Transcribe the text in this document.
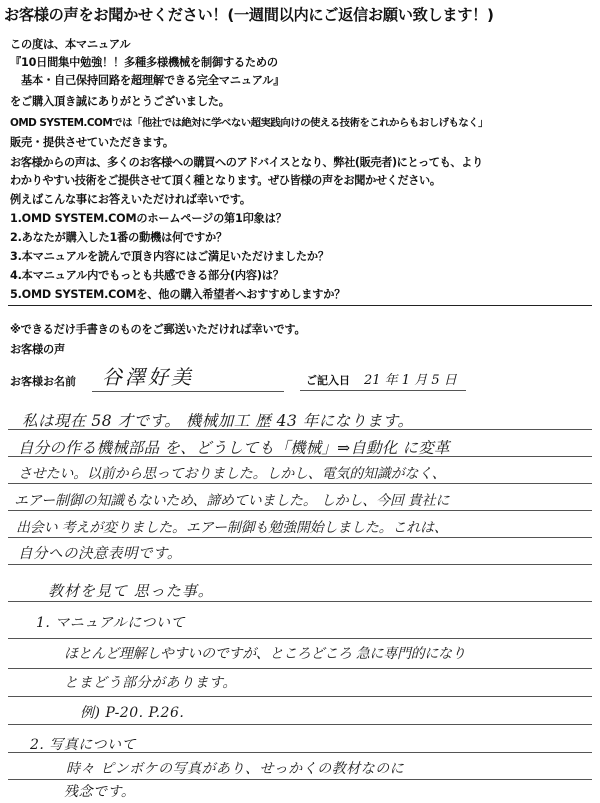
お客様の声をお聞かせください！(一週間以内にご返信お願い致します！)
この度は、本マニュアル
『10日間集中勉強！！多種多様機械を制御するための
　基本・自己保持回路を超理解できる完全マニュアル』
をご購入頂き誠にありがとうございました。
OMD SYSTEM.COMでは「他社では絶対に学べない超実践向けの使える技術をこれからもおしげもなく」
販売・提供させていただきます。
お客様からの声は、多くのお客様への購買へのアドバイスとなり、弊社(販売者)にとっても、より
わかりやすい技術をご提供させて頂く種となります。ぜひ皆様の声をお聞かせください。
例えばこんな事にお答えいただければ幸いです。
1.OMD SYSTEM.COMのホームページの第1印象は？
2.あなたが購入した1番の動機は何ですか？
3.本マニュアルを読んで頂き内容にはご満足いただけましたか？
4.本マニュアル内でもっとも共感できる部分(内容)は？
5.OMD SYSTEM.COMを、他の購入希望者へおすすめしますか？
※できるだけ手書きのものをご郵送いただければ幸いです。
お客様の声
お客様お名前 谷澤好美	ご記入日 21 年 1 月 5 日
私は現在 58 才です。 機械加工 歴 43 年になります。
自分の作る機械部品 を、どうしても「機械」⇒自動化 に変革
させたい。以前から思っておりました。しかし、電気的知識がなく、
エアー制御の知識もないため、諦めていました。 しかし、今回 貴社に
出会い 考えが変りました。エアー制御も勉強開始しました。これは、
自分への決意表明です。
教材を見て 思った事。
1. マニュアルについて
ほとんど理解しやすいのですが、ところどころ 急に専門的になり
とまどう部分があります。
例) P-20. P.26.
2. 写真について
時々 ピンボケの写真があり、せっかくの教材なのに
残念です。
